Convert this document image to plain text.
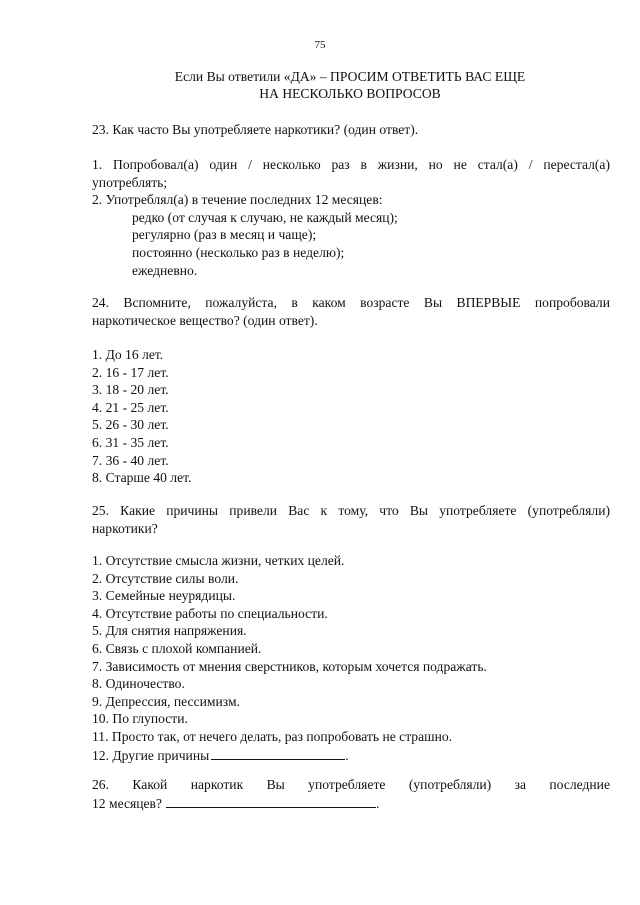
75
Если Вы ответили «ДА» – ПРОСИМ ОТВЕТИТЬ ВАС ЕЩЕ
НА НЕСКОЛЬКО ВОПРОСОВ
23. Как часто Вы употребляете наркотики? (один ответ).
1. Попробовал(а) один / несколько раз в жизни, но не стал(а) / перестал(а)
употреблять;
2. Употреблял(а) в течение последних 12 месяцев:
редко (от случая к случаю, не каждый месяц);
регулярно (раз в месяц и чаще);
постоянно (несколько раз в неделю);
ежедневно.
24. Вспомните, пожалуйста, в каком возрасте Вы ВПЕРВЫЕ попробовали
наркотическое вещество? (один ответ).
1. До 16 лет.
2. 16 - 17 лет.
3. 18 - 20 лет.
4. 21 - 25 лет.
5. 26 - 30 лет.
6. 31 - 35 лет.
7. 36 - 40 лет.
8. Старше 40 лет.
25. Какие причины привели Вас к тому, что Вы употребляете (употребляли)
наркотики?
1. Отсутствие смысла жизни, четких целей.
2. Отсутствие силы воли.
3. Семейные неурядицы.
4. Отсутствие работы по специальности.
5. Для снятия напряжения.
6. Связь с плохой компанией.
7. Зависимость от мнения сверстников, которым хочется подражать.
8. Одиночество.
9. Депрессия, пессимизм.
10. По глупости.
11. Просто так, от нечего делать, раз попробовать не страшно.
12. Другие причины	.
26. Какой наркотик Вы употребляете (употребляли) за последние
12 месяцев?	.
